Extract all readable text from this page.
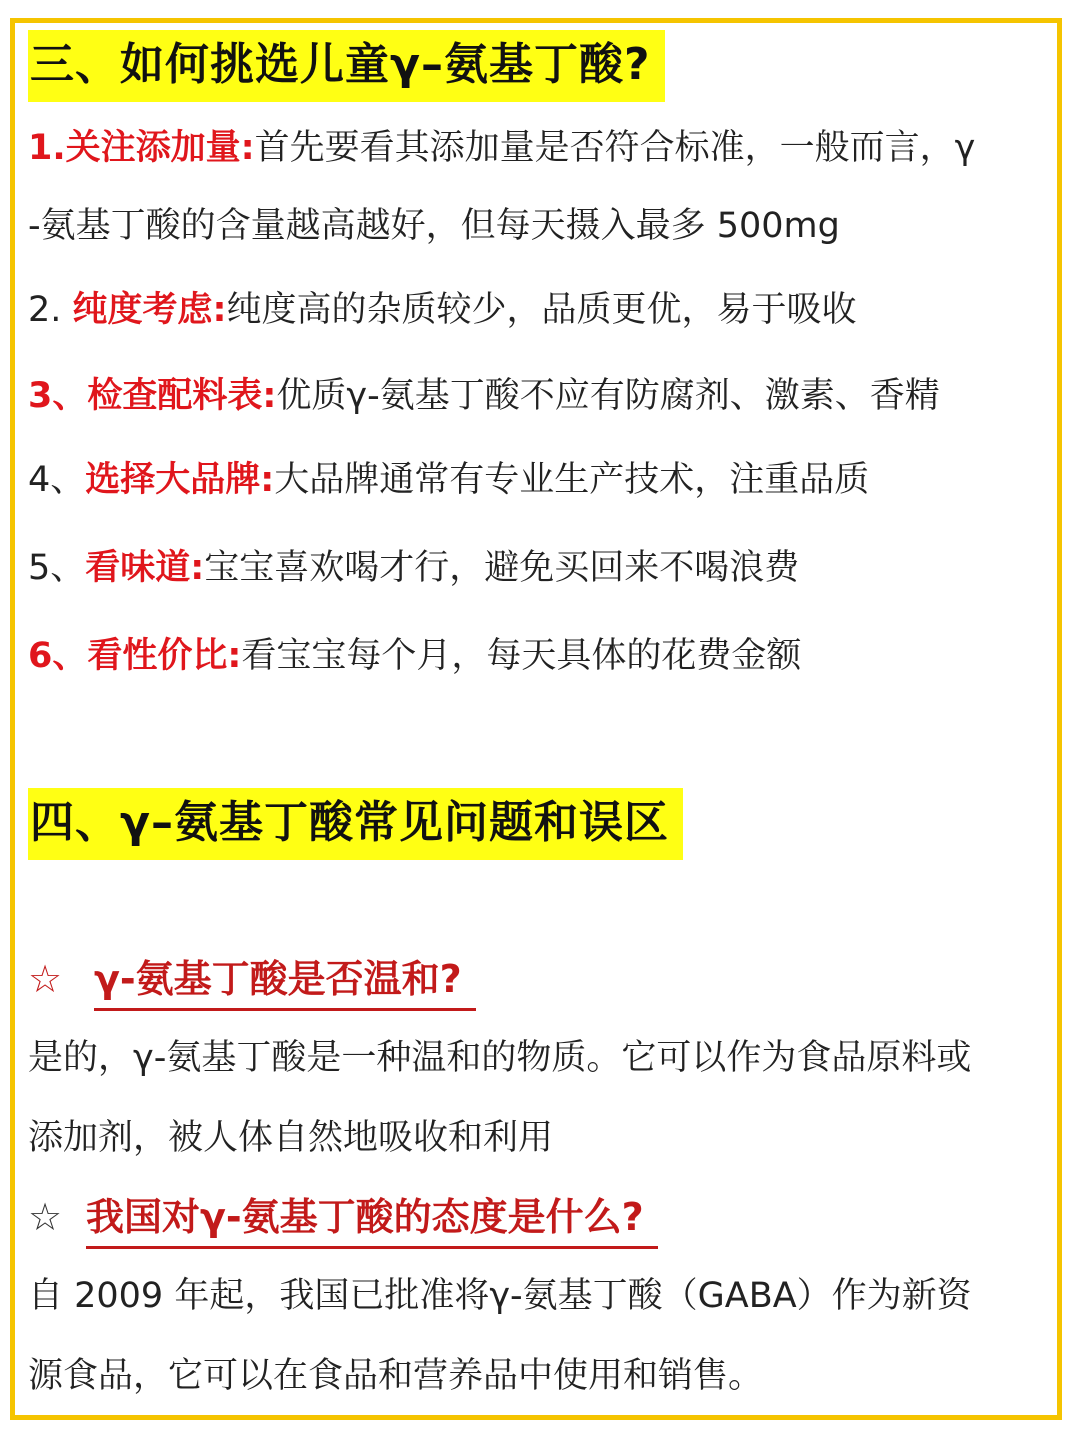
三、如何挑选儿童γ–氨基丁酸?
1.关注添加量:首先要看其添加量是否符合标准，一般而言，γ
-氨基丁酸的含量越高越好，但每天摄入最多 500mg
2. 纯度考虑:纯度高的杂质较少，品质更优，易于吸收
3、检查配料表:优质γ-氨基丁酸不应有防腐剂、激素、香精
4、选择大品牌:大品牌通常有专业生产技术，注重品质
5、看味道:宝宝喜欢喝才行，避免买回来不喝浪费
6、看性价比:看宝宝每个月，每天具体的花费金额
四、γ–氨基丁酸常见问题和误区
☆ γ-氨基丁酸是否温和?
是的，γ-氨基丁酸是一种温和的物质。它可以作为食品原料或
添加剂，被人体自然地吸收和利用
☆ 我国对γ-氨基丁酸的态度是什么?
自 2009 年起，我国已批准将γ-氨基丁酸（GABA）作为新资
源食品，它可以在食品和营养品中使用和销售。
